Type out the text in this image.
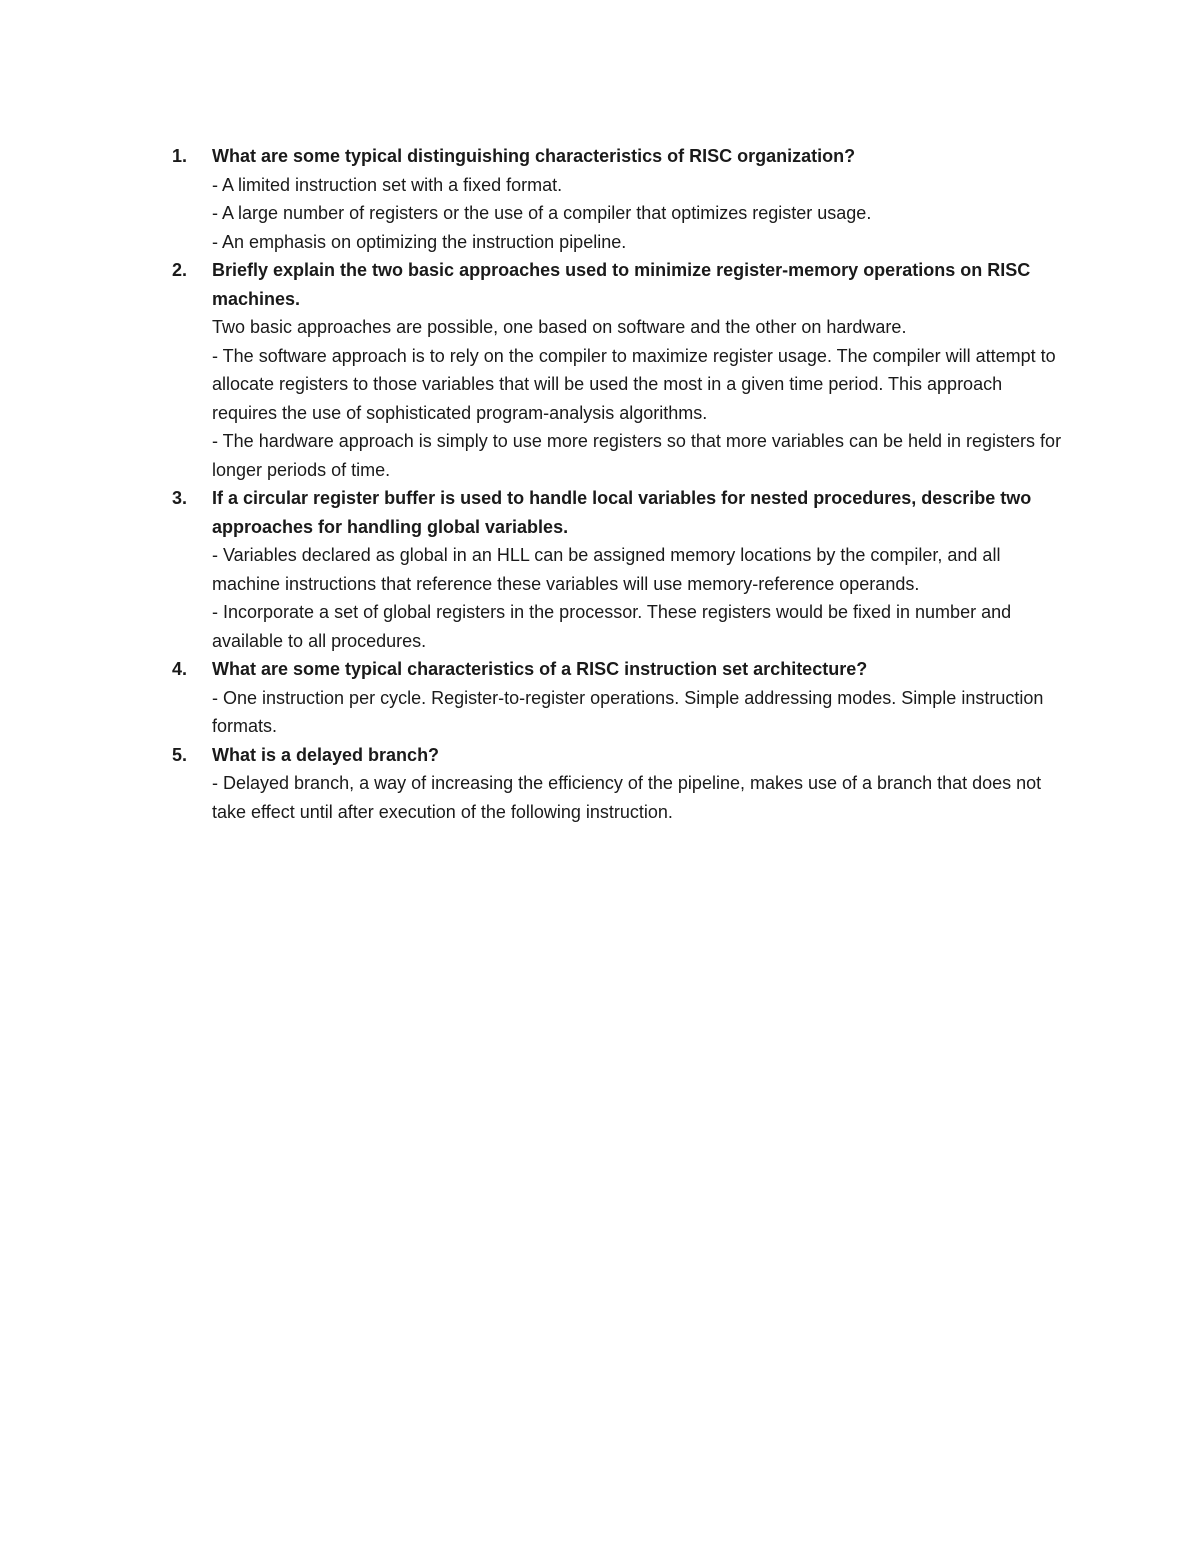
1. What are some typical distinguishing characteristics of RISC organization?
- A limited instruction set with a fixed format.
- A large number of registers or the use of a compiler that optimizes register usage.
- An emphasis on optimizing the instruction pipeline.
2. Briefly explain the two basic approaches used to minimize register-memory operations on RISC machines.
Two basic approaches are possible, one based on software and the other on hardware.
- The software approach is to rely on the compiler to maximize register usage. The compiler will attempt to allocate registers to those variables that will be used the most in a given time period. This approach requires the use of sophisticated program-analysis algorithms.
- The hardware approach is simply to use more registers so that more variables can be held in registers for longer periods of time.
3. If a circular register buffer is used to handle local variables for nested procedures, describe two approaches for handling global variables.
- Variables declared as global in an HLL can be assigned memory locations by the compiler, and all machine instructions that reference these variables will use memory-reference operands.
- Incorporate a set of global registers in the processor. These registers would be fixed in number and available to all procedures.
4. What are some typical characteristics of a RISC instruction set architecture?
- One instruction per cycle. Register-to-register operations. Simple addressing modes. Simple instruction formats.
5. What is a delayed branch?
- Delayed branch, a way of increasing the efficiency of the pipeline, makes use of a branch that does not take effect until after execution of the following instruction.
